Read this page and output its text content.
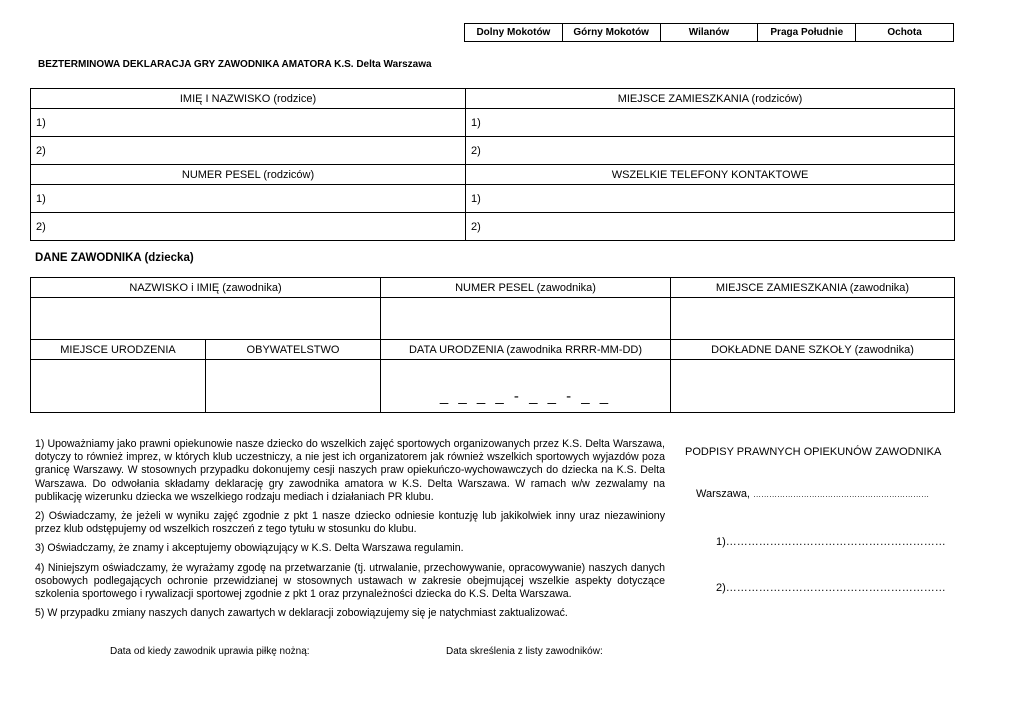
Dolny Mokotów	Górny Mokotów	Wilanów	Praga Południe	Ochota
BEZTERMINOWA DEKLARACJA GRY ZAWODNIKA AMATORA K.S. Delta Warszawa
IMIĘ I NAZWISKO (rodzice)	MIEJSCE ZAMIESZKANIA (rodziców)
1)	1)
2)	2)
NUMER PESEL (rodziców)	WSZELKIE TELEFONY KONTAKTOWE
1)	1)
2)	2)
DANE ZAWODNIKA (dziecka)
NAZWISKO i IMIĘ (zawodnika)		NUMER PESEL (zawodnika)	MIEJSCE ZAMIESZKANIA (zawodnika)

MIEJSCE URODZENIA	OBYWATELSTWO	DATA URODZENIA (zawodnika RRRR-MM-DD)	DOKŁADNE DANE SZKOŁY (zawodnika)
		_ _ _ _ - _ _ - _ _	

1) Upoważniamy jako prawni opiekunowie nasze dziecko do wszelkich zajęć sportowych organizowanych przez K.S. Delta Warszawa, dotyczy to również imprez, w których klub uczestniczy, a nie jest ich organizatorem jak również wszelkich sportowych wyjazdów poza granicę Warszawy. W stosownych przypadku dokonujemy cesji naszych praw opiekuńczo-wychowawczych do dziecka na K.S. Delta Warszawa. Do odwołania składamy deklarację gry zawodnika amatora w K.S. Delta Warszawa. W ramach w/w zezwalamy na publikację wizerunku dziecka we wszelkiego rodzaju mediach i działaniach PR klubu.

2) Oświadczamy, że jeżeli w wyniku zajęć zgodnie z pkt 1 nasze dziecko odniesie kontuzję lub jakikolwiek inny uraz niezawiniony przez klub odstępujemy od wszelkich roszczeń z tego tytułu w stosunku do klubu.

3) Oświadczamy, że znamy i akceptujemy obowiązujący w K.S. Delta Warszawa regulamin.

4) Niniejszym oświadczamy, że wyrażamy zgodę na przetwarzanie (tj. utrwalanie, przechowywanie, opracowywanie) naszych danych osobowych podlegających ochronie przewidzianej w stosownych ustawach w zakresie obejmującej wszelkie aspekty dotyczące szkolenia sportowego i rywalizacji sportowej zgodnie z pkt 1 oraz przynależności dziecka do K.S. Delta Warszawa.

5) W przypadku zmiany naszych danych zawartych w deklaracji zobowiązujemy się je natychmiast zaktualizować.

PODPISY PRAWNYCH OPIEKUNÓW ZAWODNIKA
Warszawa, …………………………………………………………
1)……………………………………………………
2)……………………………………………………
Data od kiedy zawodnik uprawia piłkę nożną:	Data skreślenia z listy zawodników:
